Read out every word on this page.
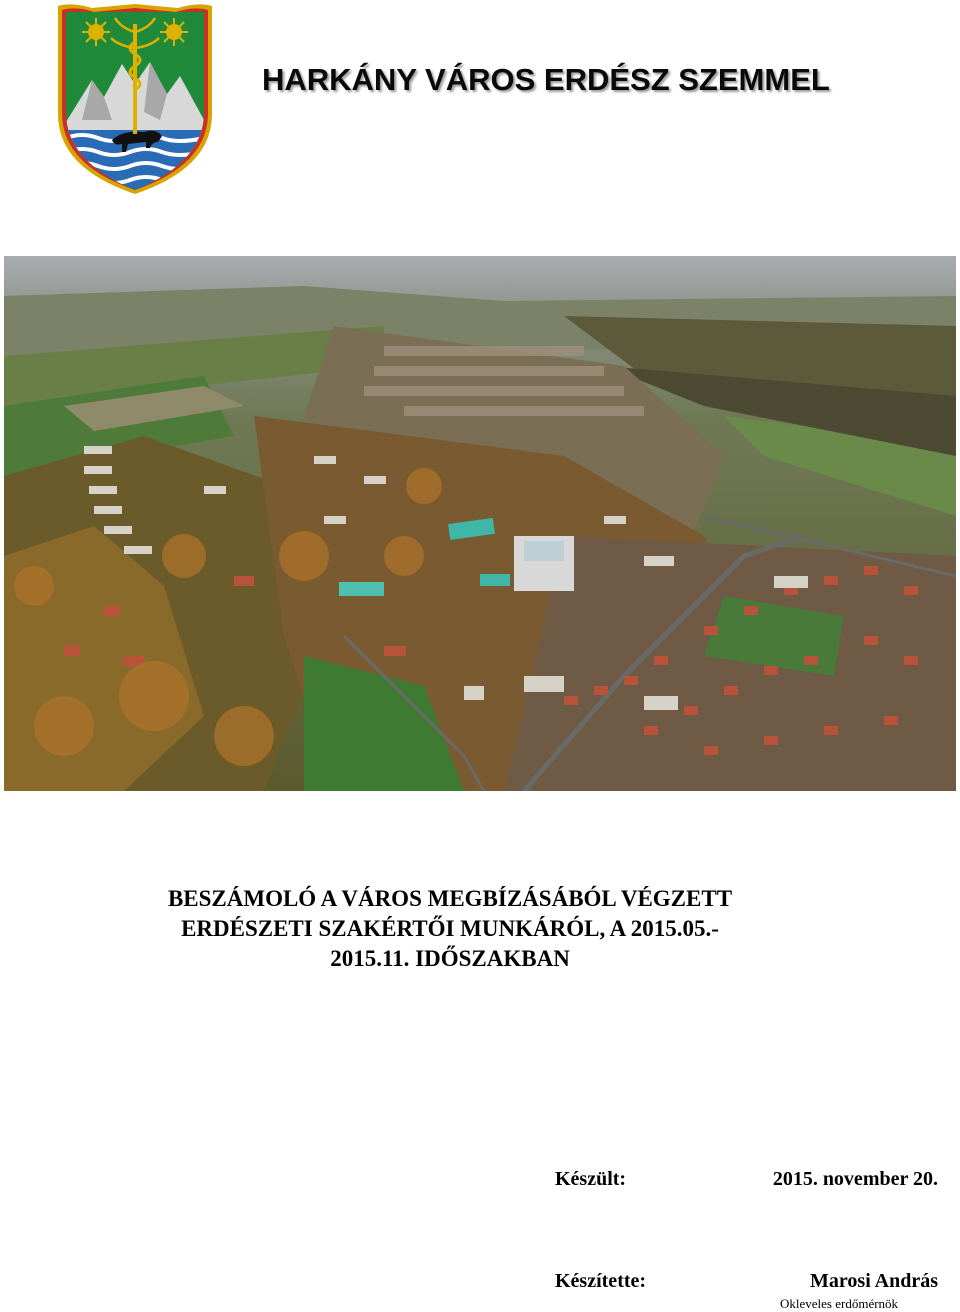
HARKÁNY VÁROS ERDÉSZ SZEMMEL
BESZÁMOLÓ A VÁROS MEGBÍZÁSÁBÓL VÉGZETT
ERDÉSZETI SZAKÉRTŐI MUNKÁRÓL, A 2015.05.-
2015.11. IDŐSZAKBAN
Készült:	2015. november 20.
Készítette:	Marosi András
Okleveles erdőmérnök
